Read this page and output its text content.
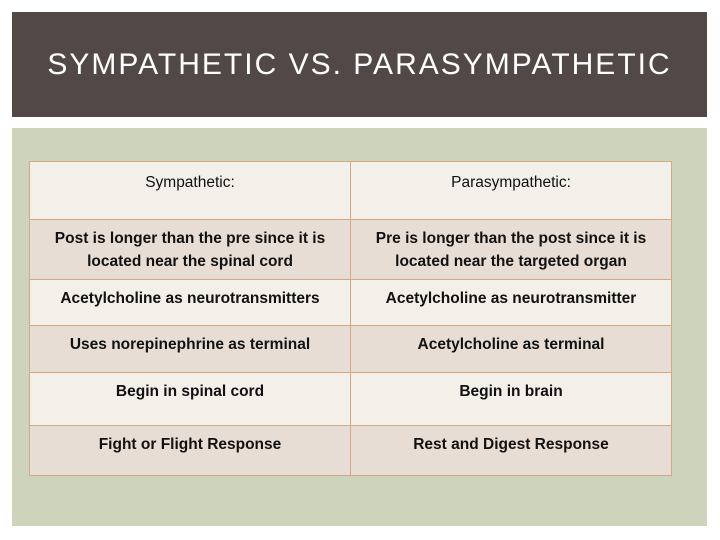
SYMPATHETIC VS. PARASYMPATHETIC
Sympathetic:	Parasympathetic:
Post is longer than the pre since it is located near the spinal cord	Pre is longer than the post since it is located near the targeted organ
Acetylcholine as neurotransmitters	Acetylcholine as neurotransmitter
Uses norepinephrine as terminal	Acetylcholine as terminal
Begin in spinal cord	Begin in brain
Fight or Flight Response	Rest and Digest Response
